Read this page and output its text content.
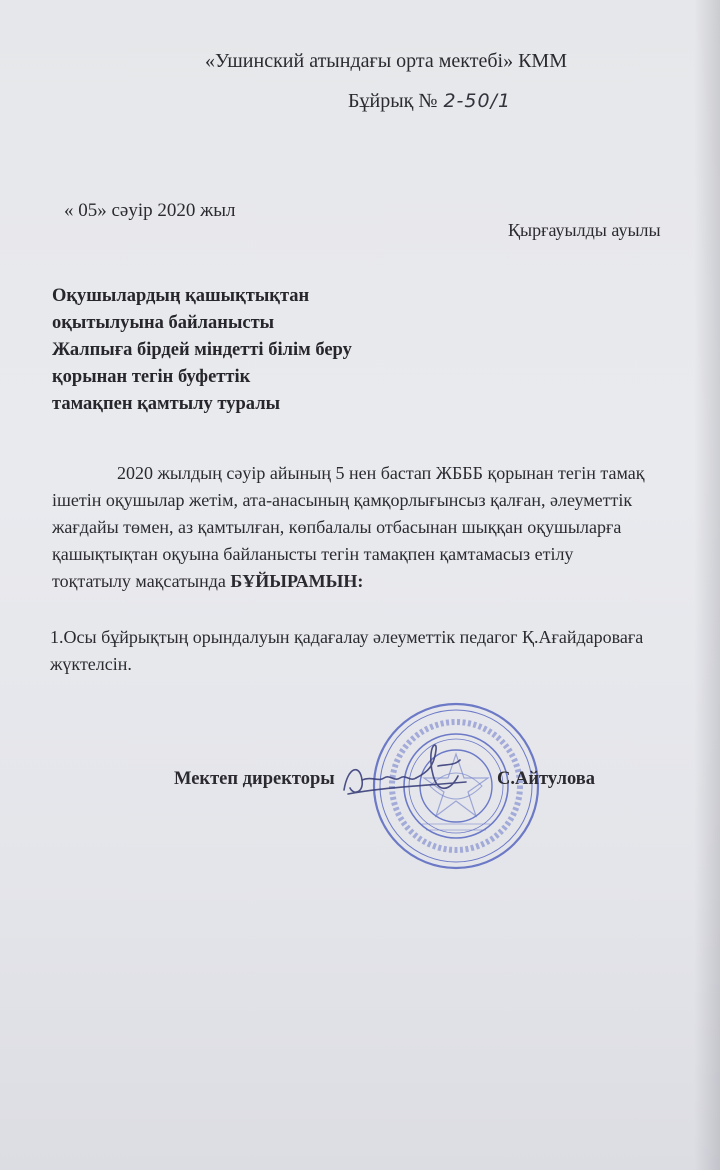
«Ушинский атындағы орта мектебі» КММ
Бұйрық № 2-50/1
« 05» сәуір 2020 жыл
Қырғауылды ауылы
Оқушылардың қашықтықтан
оқытылуына байланысты
Жалпыға бірдей міндетті білім беру
қорынан тегін буфеттік
тамақпен қамтылу туралы
2020 жылдың сәуір айының 5 нен бастап ЖБББ қорынан тегін тамақ
ішетін оқушылар жетім, ата-анасының қамқорлығынсыз қалған, әлеуметтік
жағдайы төмен, аз қамтылған, көпбалалы отбасынан шыққан оқушыларға
қашықтықтан оқуына байланысты тегін тамақпен қамтамасыз етілу
тоқтатылу мақсатында БҰЙЫРАМЫН:
1.Осы бұйрықтың орындалуын қадағалау әлеуметтік педагог Қ.Ағайдароваға
жүктелсін.
Мектеп директоры	С.Айтулова
